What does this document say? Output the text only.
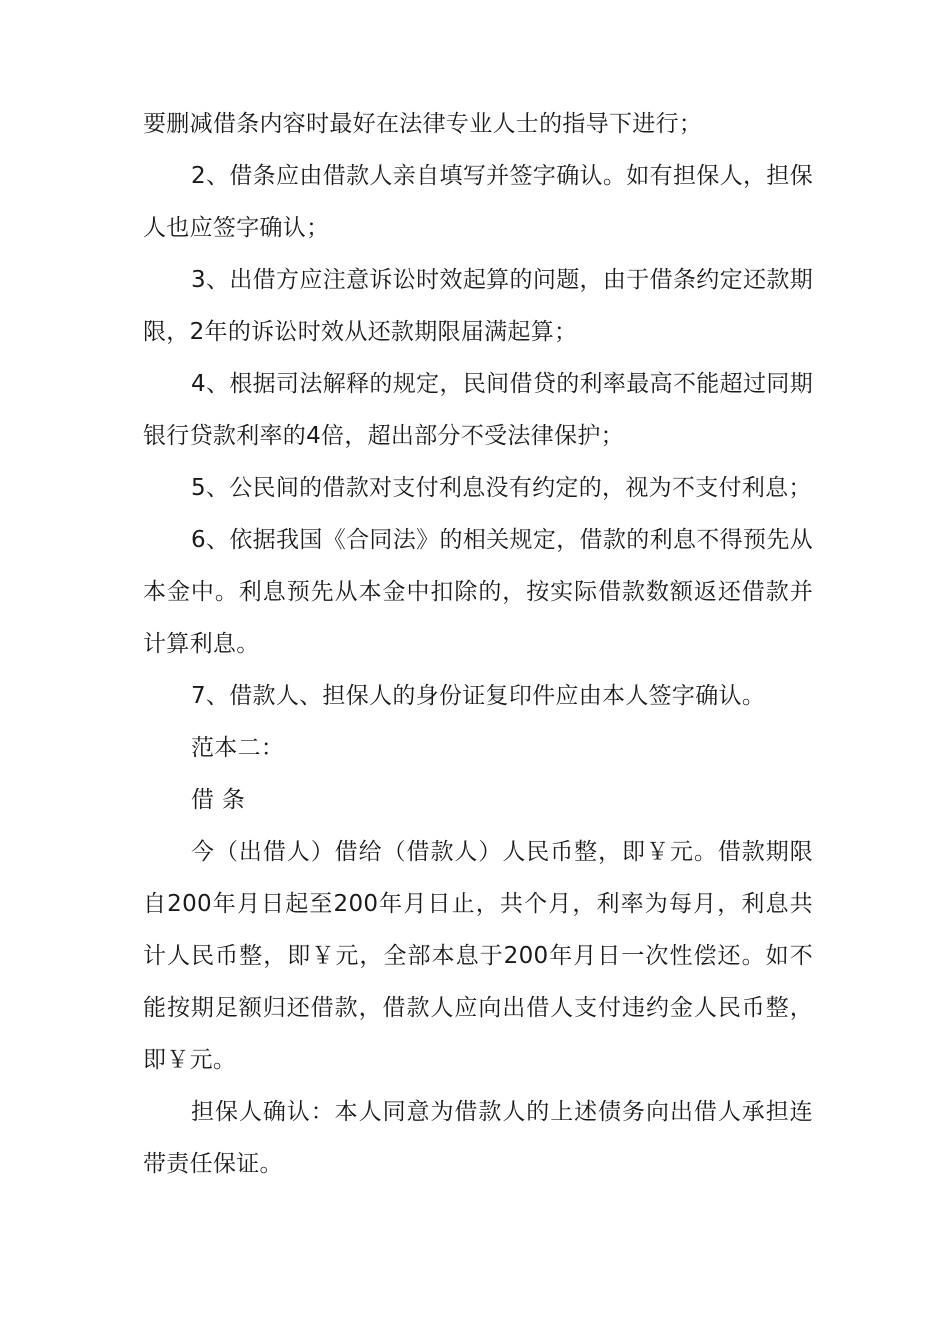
要删减借条内容时最好在法律专业人士的指导下进行；

2、借条应由借款人亲自填写并签字确认。如有担保人，担保人也应签字确认；

3、出借方应注意诉讼时效起算的问题，由于借条约定还款期限，2年的诉讼时效从还款期限届满起算；

4、根据司法解释的规定，民间借贷的利率最高不能超过同期银行贷款利率的4倍，超出部分不受法律保护；

5、公民间的借款对支付利息没有约定的，视为不支付利息；

6、依据我国《合同法》的相关规定，借款的利息不得预先从本金中。利息预先从本金中扣除的，按实际借款数额返还借款并计算利息。

7、借款人、担保人的身份证复印件应由本人签字确认。

范本二：

借 条

今（出借人）借给（借款人）人民币整，即￥元。借款期限自200年月日起至200年月日止，共个月，利率为每月，利息共计人民币整，即￥元，全部本息于200年月日一次性偿还。如不能按期足额归还借款，借款人应向出借人支付违约金人民币整，即￥元。

担保人确认：本人同意为借款人的上述债务向出借人承担连带责任保证。
